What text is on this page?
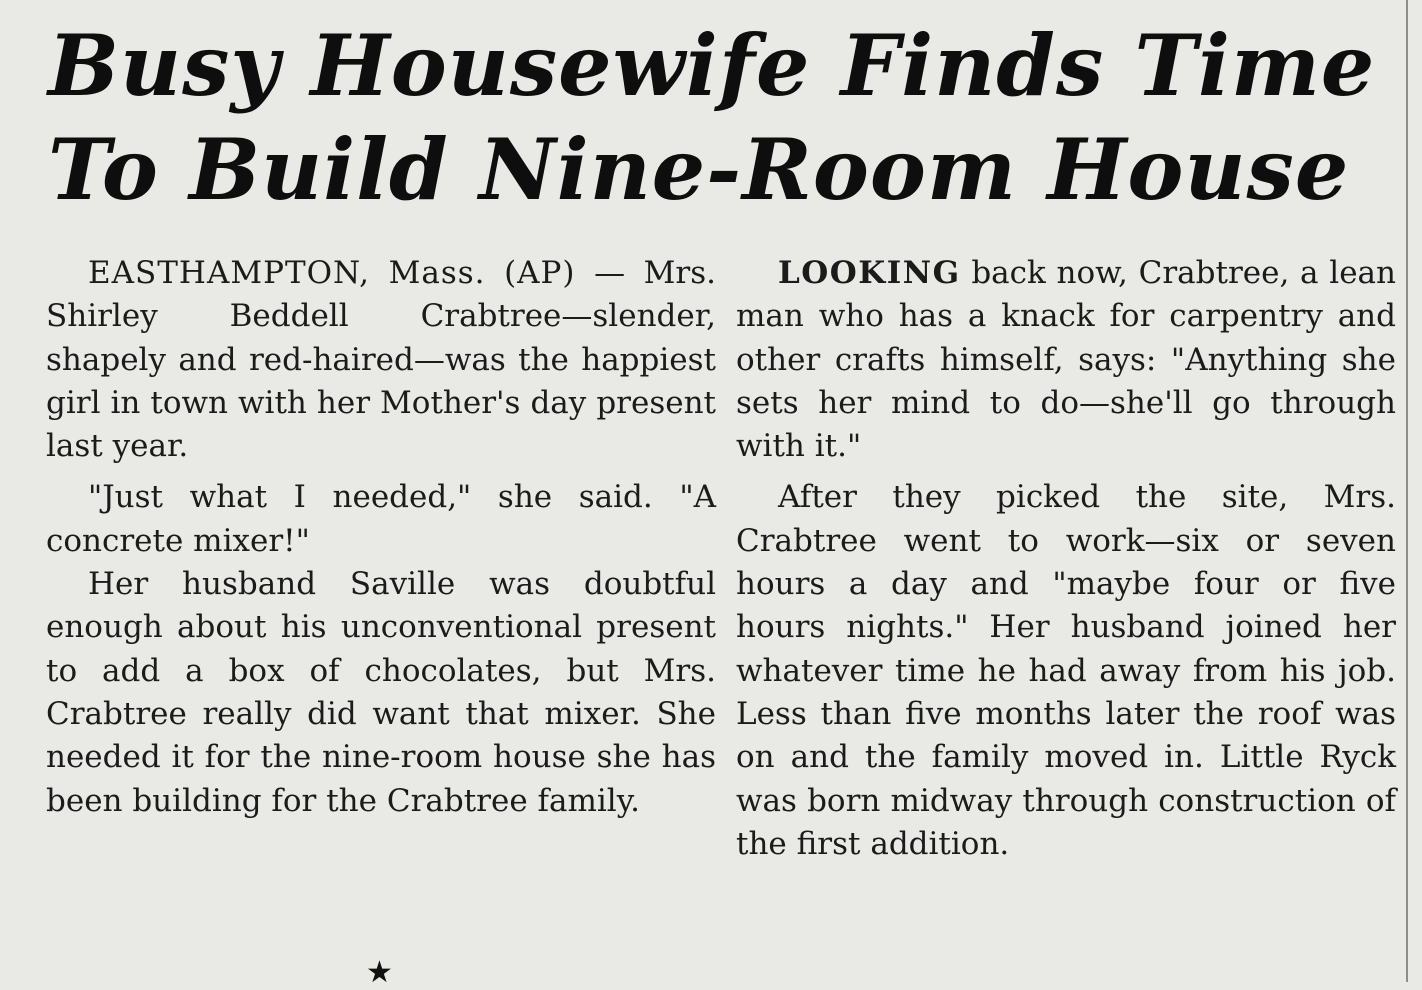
Busy Housewife Finds Time
To Build Nine-Room House

EASTHAMPTON, Mass. (AP) — Mrs. Shirley Beddell Crabtree—slender, shapely and red-haired—was the happiest girl in town with her Mother's day present last year.

"Just what I needed," she said. "A concrete mixer!"

Her husband Saville was doubtful enough about his unconventional present to add a box of chocolates, but Mrs. Crabtree really did want that mixer. She needed it for the nine-room house she has been building for the Crabtree family.

LOOKING back now, Crabtree, a lean man who has a knack for carpentry and other crafts himself, says: "Anything she sets her mind to do—she'll go through with it."

After they picked the site, Mrs. Crabtree went to work—six or seven hours a day and "maybe four or five hours nights." Her husband joined her whatever time he had away from his job. Less than five months later the roof was on and the family moved in. Little Ryck was born midway through construction of the first addition.

★
